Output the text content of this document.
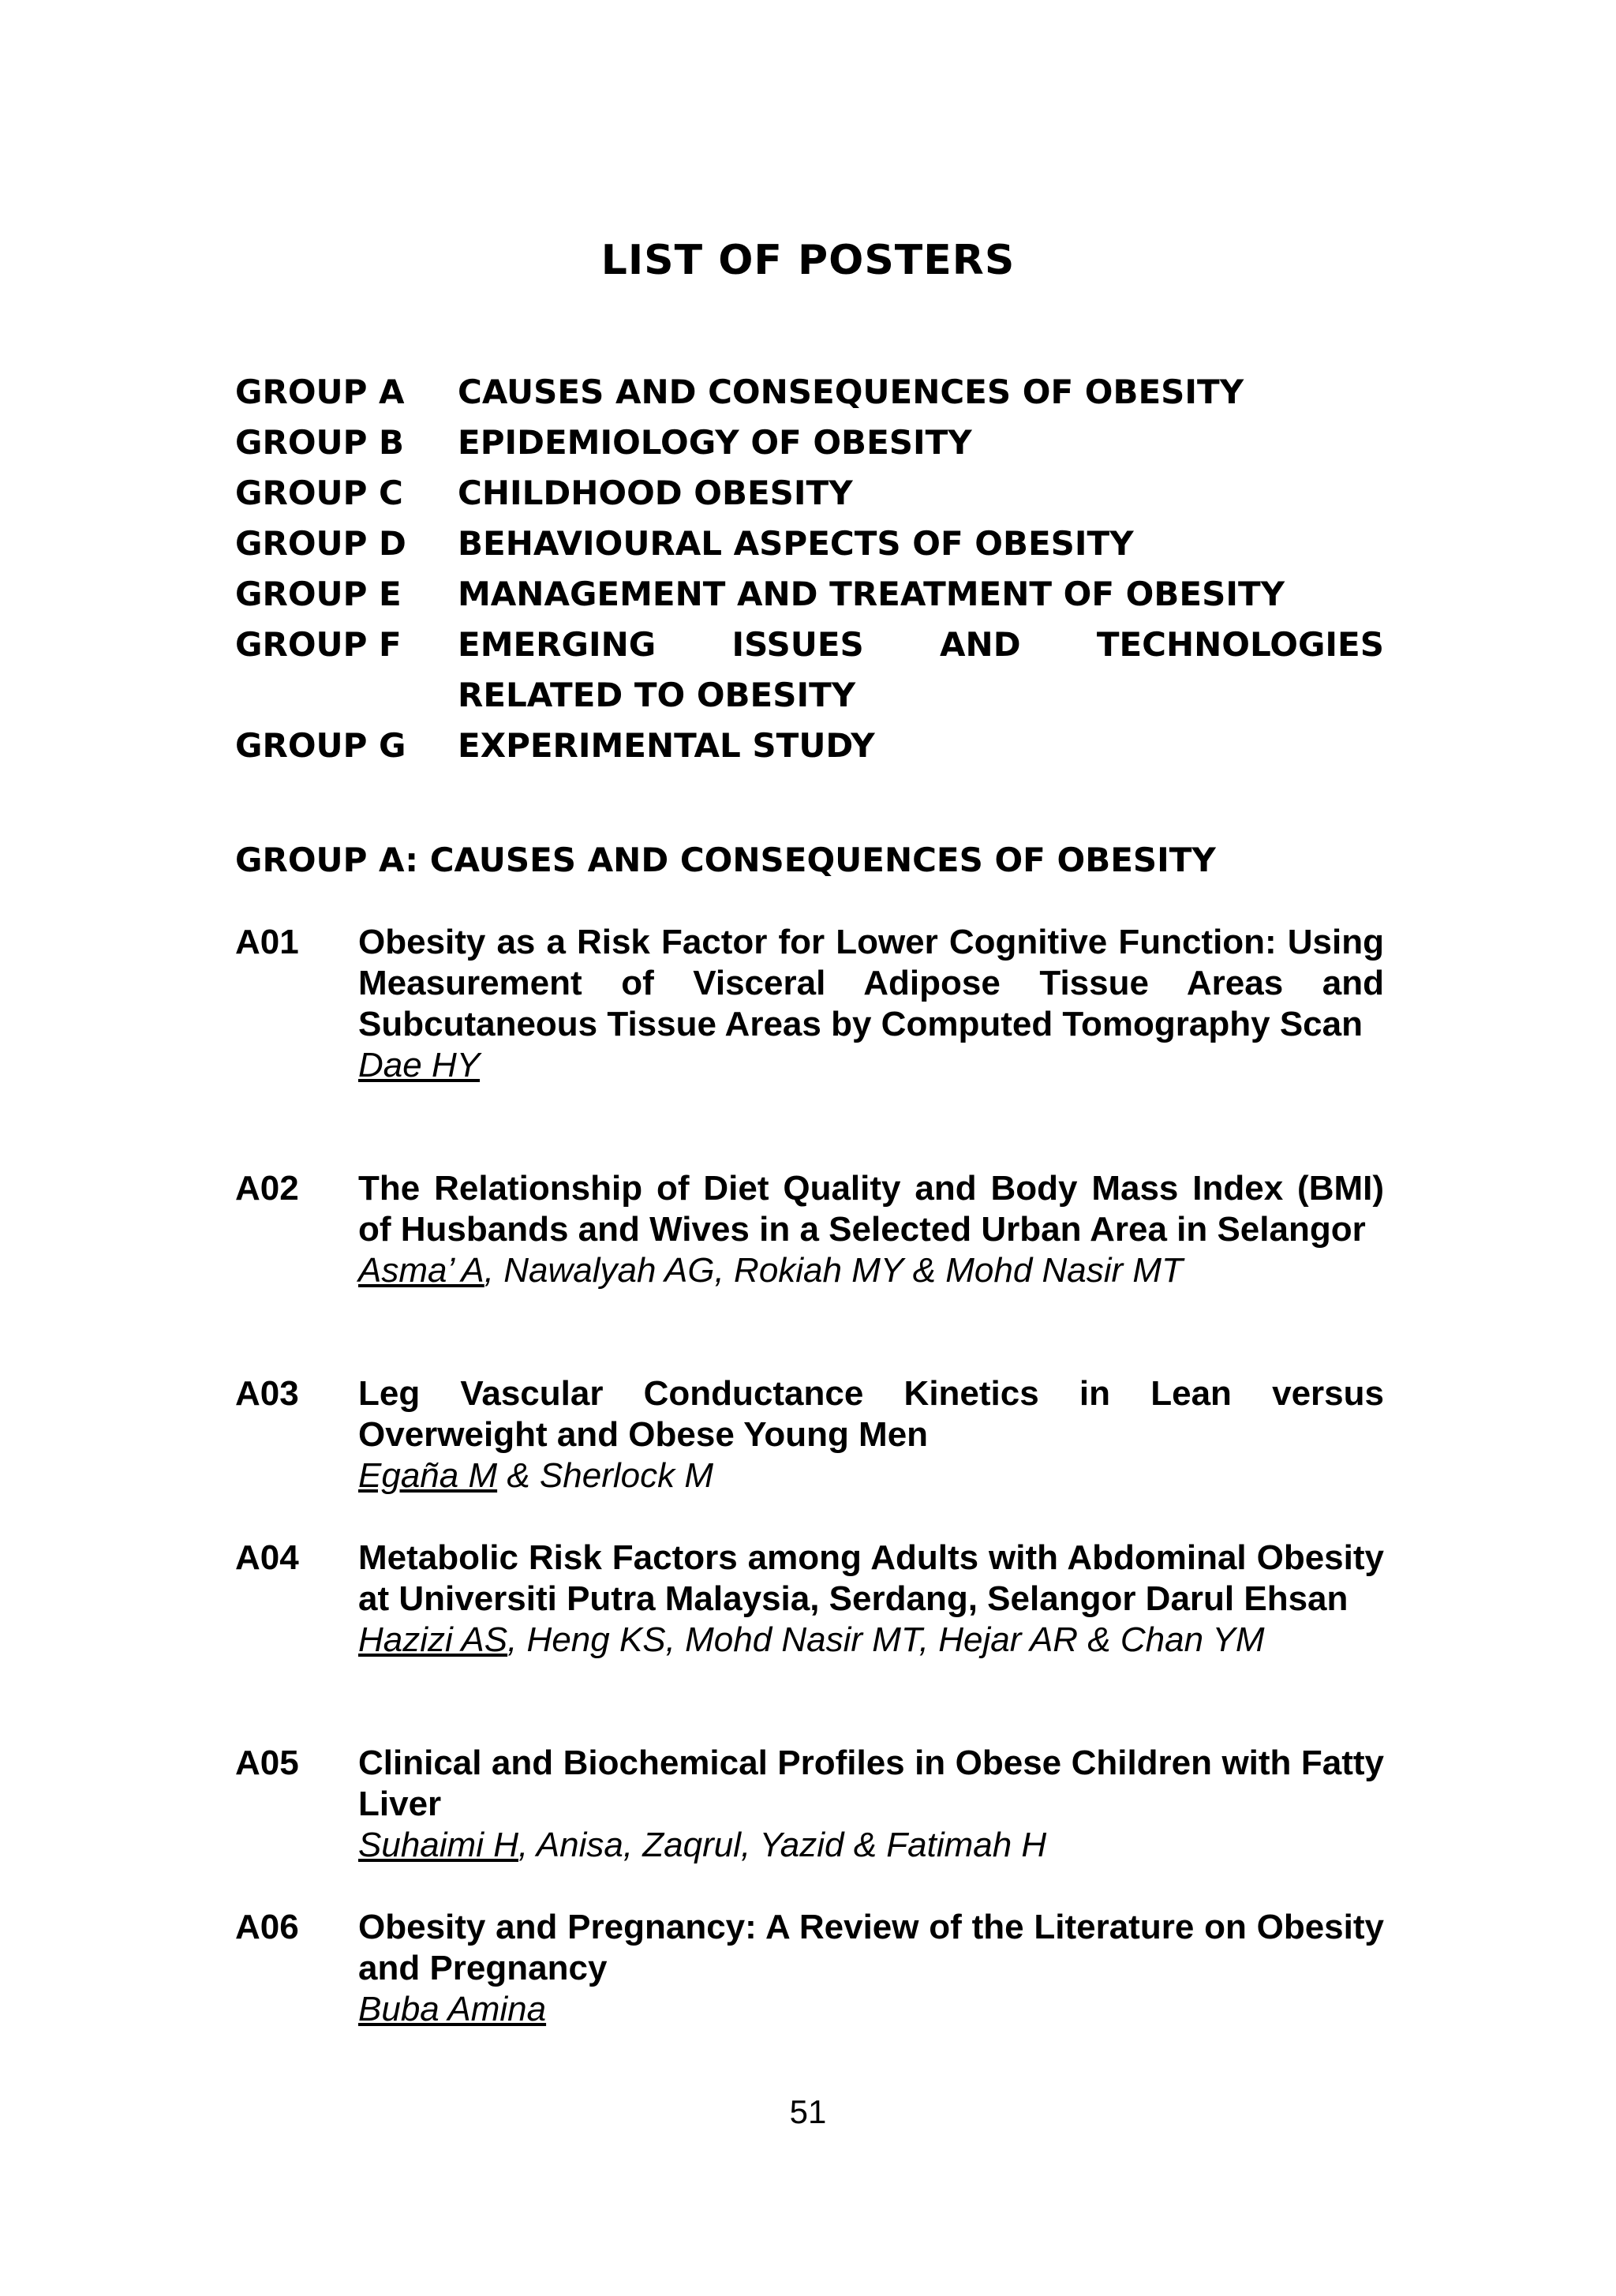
LIST OF POSTERS
GROUP A	CAUSES AND CONSEQUENCES OF OBESITY
GROUP B	EPIDEMIOLOGY OF OBESITY
GROUP C	CHILDHOOD OBESITY
GROUP D	BEHAVIOURAL ASPECTS OF OBESITY
GROUP E	MANAGEMENT AND TREATMENT OF OBESITY
GROUP F	EMERGING ISSUES AND TECHNOLOGIES
RELATED TO OBESITY
GROUP G	EXPERIMENTAL STUDY
GROUP A: CAUSES AND CONSEQUENCES OF OBESITY
A01	Obesity as a Risk Factor for Lower Cognitive Function: Using Measurement of Visceral Adipose Tissue Areas and Subcutaneous Tissue Areas by Computed Tomography Scan
Dae HY
A02	The Relationship of Diet Quality and Body Mass Index (BMI) of Husbands and Wives in a Selected Urban Area in Selangor
Asma’ A, Nawalyah AG, Rokiah MY & Mohd Nasir MT
A03	Leg Vascular Conductance Kinetics in Lean versus Overweight and Obese Young Men
Egaña M & Sherlock M
A04	Metabolic Risk Factors among Adults with Abdominal Obesity at Universiti Putra Malaysia, Serdang, Selangor Darul Ehsan
Hazizi AS, Heng KS, Mohd Nasir MT, Hejar AR & Chan YM
A05	Clinical and Biochemical Profiles in Obese Children with Fatty Liver
Suhaimi H, Anisa, Zaqrul, Yazid & Fatimah H
A06	Obesity and Pregnancy: A Review of the Literature on Obesity and Pregnancy
Buba Amina
51
